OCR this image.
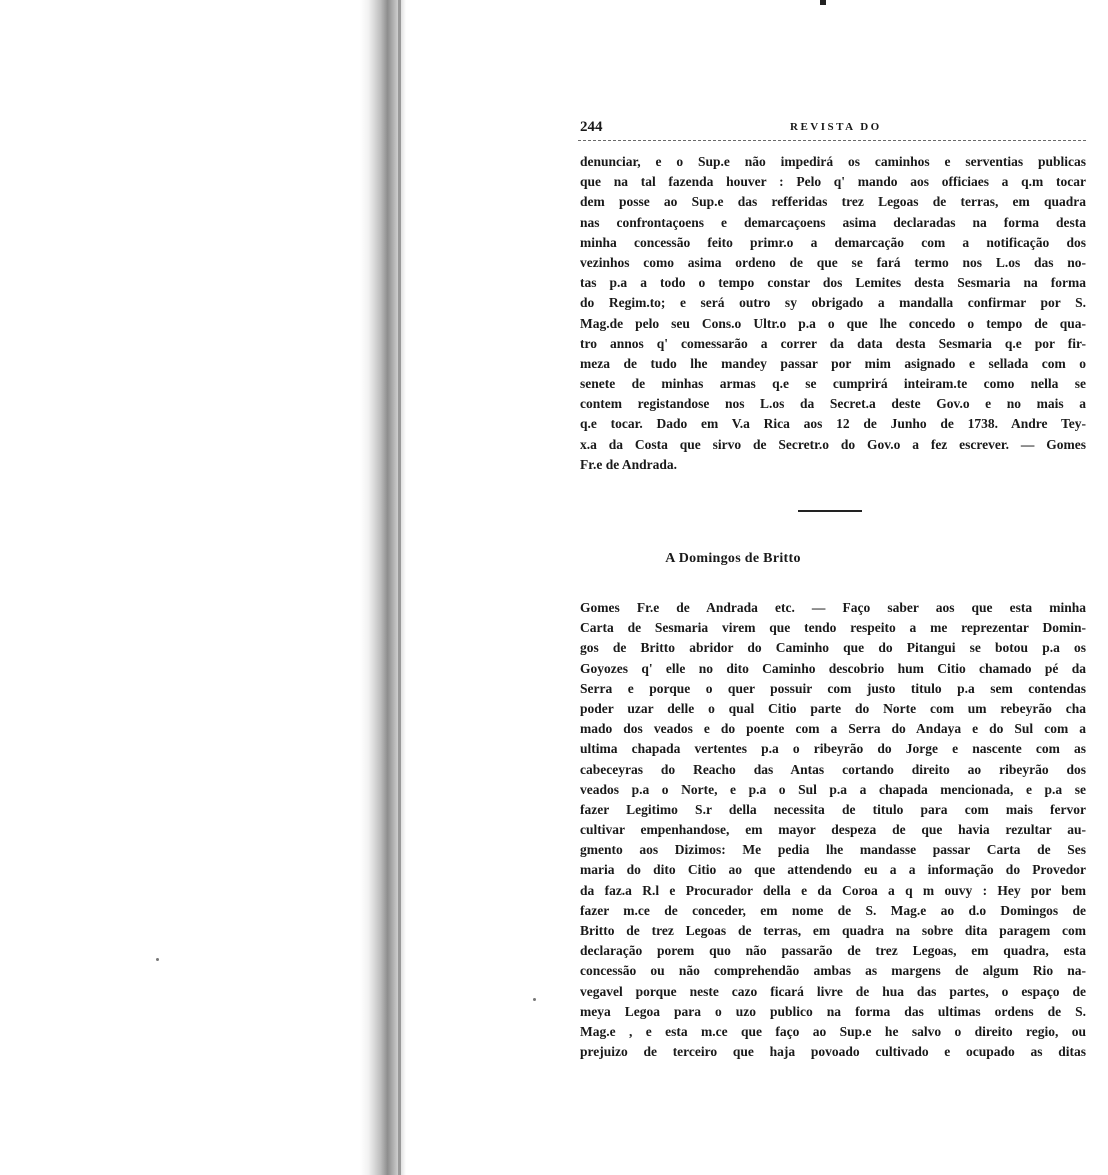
244	REVISTA DO
denunciar, e o Sup.e não impedirá os caminhos e serventias publicas
que na tal fazenda houver : Pelo q' mando aos officiaes a q.m tocar
dem posse ao Sup.e das refferidas trez Legoas de terras, em quadra
nas confrontaçoens e demarcaçoens asima declaradas na forma desta
minha concessão feito primr.o a demarcação com a notificação dos
vezinhos como asima ordeno de que se fará termo nos L.os das no-
tas p.a a todo o tempo constar dos Lemites desta Sesmaria na forma
do Regim.to; e será outro sy obrigado a mandalla confirmar por S.
Mag.de pelo seu Cons.o Ultr.o p.a o que lhe concedo o tempo de qua-
tro annos q' comessarão a correr da data desta Sesmaria q.e por fir-
meza de tudo lhe mandey passar por mim asignado e sellada com o
senete de minhas armas q.e se cumprirá inteiram.te como nella se
contem registandose nos L.os da Secret.a deste Gov.o e no mais a
q.e tocar. Dado em V.a Rica aos 12 de Junho de 1738. Andre Tey-
x.a da Costa que sirvo de Secretr.o do Gov.o a fez escrever. — Gomes
Fr.e de Andrada.
A Domingos de Britto
Gomes Fr.e de Andrada etc. — Faço saber aos que esta minha
Carta de Sesmaria virem que tendo respeito a me reprezentar Domin-
gos de Britto abridor do Caminho que do Pitangui se botou p.a os
Goyozes q' elle no dito Caminho descobrio hum Citio chamado pé da
Serra e porque o quer possuir com justo titulo p.a sem contendas
poder uzar delle o qual Citio parte do Norte com um rebeyrão cha
mado dos veados e do poente com a Serra do Andaya e do Sul com a
ultima chapada vertentes p.a o ribeyrão do Jorge e nascente com as
cabeceyras do Reacho das Antas cortando direito ao ribeyrão dos
veados p.a o Norte, e p.a o Sul p.a a chapada mencionada, e p.a se
fazer Legitimo S.r della necessita de titulo para com mais fervor
cultivar empenhandose, em mayor despeza de que havia rezultar au-
gmento aos Dizimos: Me pedia lhe mandasse passar Carta de Ses
maria do dito Citio ao que attendendo eu a a informação do Provedor
da faz.a R.l e Procurador della e da Coroa a q m ouvy : Hey por bem
fazer m.ce de conceder, em nome de S. Mag.e ao d.o Domingos de
Britto de trez Legoas de terras, em quadra na sobre dita paragem com
declaração porem quo não passarão de trez Legoas, em quadra, esta
concessão ou não comprehendão ambas as margens de algum Rio na-
vegavel porque neste cazo ficará livre de hua das partes, o espaço de
meya Legoa para o uzo publico na forma das ultimas ordens de S.
Mag.e , e esta m.ce que faço ao Sup.e he salvo o direito regio, ou
prejuizo de terceiro que haja povoado cultivado e ocupado as ditas
